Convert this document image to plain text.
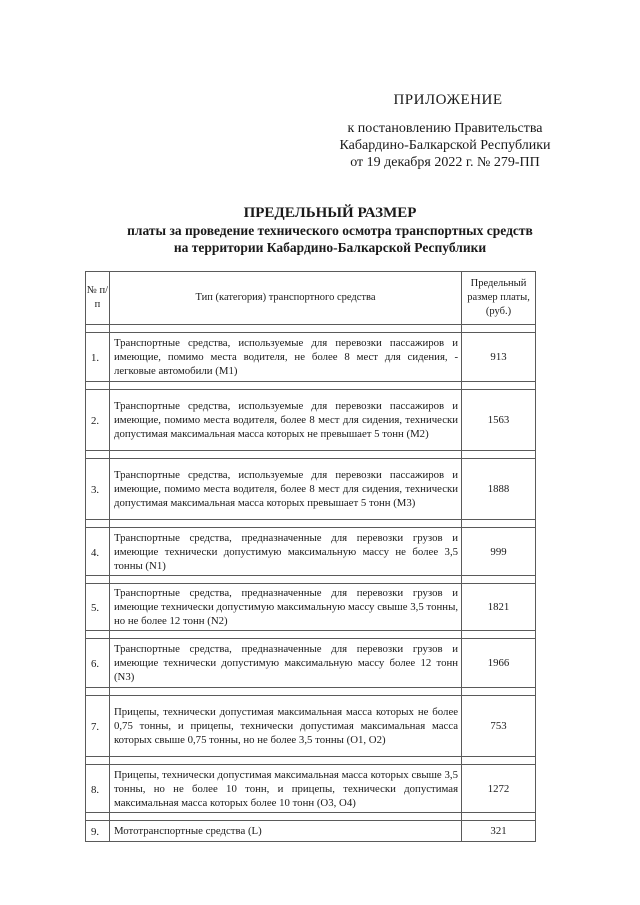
ПРИЛОЖЕНИЕ
к постановлению Правительства
Кабардино-Балкарской Республики
от 19 декабря 2022 г. № 279-ПП
ПРЕДЕЛЬНЫЙ РАЗМЕР
платы за проведение технического осмотра транспортных средств
на территории Кабардино-Балкарской Республики
№ п/п	Тип (категория) транспортного средства	Предельный размер платы, (руб.)

1.	Транспортные средства, используемые для перевозки пассажиров и имеющие, помимо места водителя, не более 8 мест для сидения, - легковые автомобили (M1)	913

2.	Транспортные средства, используемые для перевозки пассажиров и имеющие, помимо места водителя, более 8 мест для сидения, технически допустимая максимальная масса которых не превышает 5 тонн (M2)	1563

3.	Транспортные средства, используемые для перевозки пассажиров и имеющие, помимо места водителя, более 8 мест для сидения, технически допустимая максимальная масса которых превышает 5 тонн (M3)	1888

4.	Транспортные средства, предназначенные для перевозки грузов и имеющие технически допустимую максимальную массу не более 3,5 тонны (N1)	999

5.	Транспортные средства, предназначенные для перевозки грузов и имеющие технически допустимую максимальную массу свыше 3,5 тонны, но не более 12 тонн (N2)	1821

6.	Транспортные средства, предназначенные для перевозки грузов и имеющие технически допустимую максимальную массу более 12 тонн (N3)	1966

7.	Прицепы, технически допустимая максимальная масса которых не более 0,75 тонны, и прицепы, технически допустимая максимальная масса которых свыше 0,75 тонны, но не более 3,5 тонны (O1, O2)	753

8.	Прицепы, технически допустимая максимальная масса которых свыше 3,5 тонны, но не более 10 тонн, и прицепы, технически допустимая максимальная масса которых более 10 тонн (O3, O4)	1272

9.	Мототранспортные средства (L)	321
